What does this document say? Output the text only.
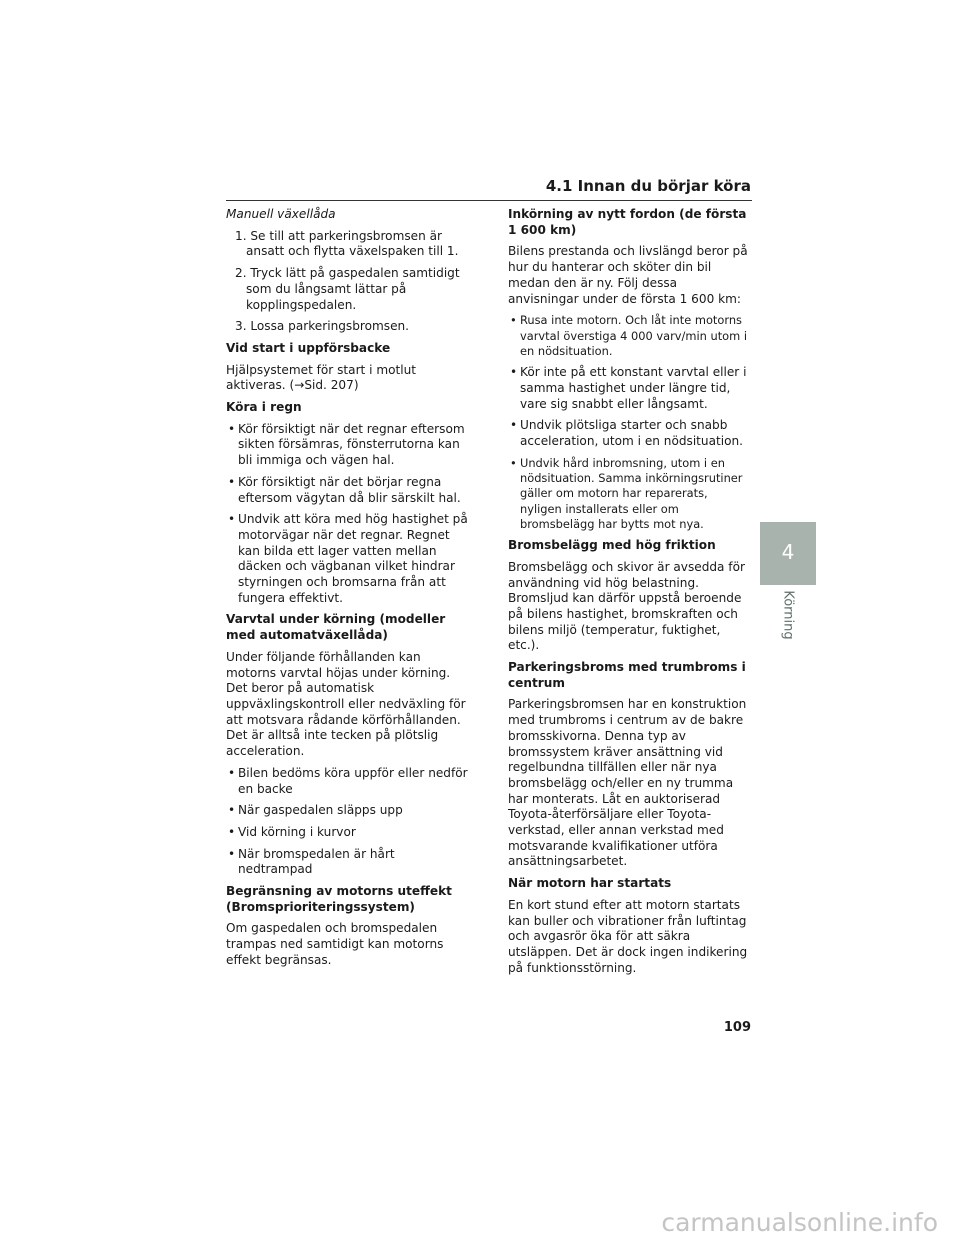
4.1 Innan du börjar köra

Manuell växellåda

1. Se till att parkeringsbromsen är ansatt och flytta växelspaken till 1.

2. Tryck lätt på gaspedalen samtidigt som du långsamt lättar på kopplingspedalen.

3. Lossa parkeringsbromsen.

Vid start i uppförsbacke

Hjälpsystemet för start i motlut aktiveras. (→Sid. 207)

Köra i regn

• Kör försiktigt när det regnar eftersom sikten försämras, fönsterrutorna kan bli immiga och vägen hal.
• Kör försiktigt när det börjar regna eftersom vägytan då blir särskilt hal.
• Undvik att köra med hög hastighet på motorvägar när det regnar. Regnet kan bilda ett lager vatten mellan däcken och vägbanan vilket hindrar styrningen och bromsarna från att fungera effektivt.

Varvtal under körning (modeller med automatväxellåda)

Under följande förhållanden kan motorns varvtal höjas under körning. Det beror på automatisk uppväxlingskontroll eller nedväxling för att motsvara rådande körförhållanden. Det är alltså inte tecken på plötslig acceleration.

• Bilen bedöms köra uppför eller nedför en backe
• När gaspedalen släpps upp
• Vid körning i kurvor
• När bromspedalen är hårt nedtrampad

Begränsning av motorns uteffekt (Bromsprioriteringssystem)

Om gaspedalen och bromspedalen trampas ned samtidigt kan motorns effekt begränsas.

Inkörning av nytt fordon (de första 1 600 km)

Bilens prestanda och livslängd beror på hur du hanterar och sköter din bil medan den är ny. Följ dessa anvisningar under de första 1 600 km:

• Rusa inte motorn. Och låt inte motorns varvtal överstiga 4 000 varv/min utom i en nödsituation.
• Kör inte på ett konstant varvtal eller i samma hastighet under längre tid, vare sig snabbt eller långsamt.
• Undvik plötsliga starter och snabb acceleration, utom i en nödsituation.
• Undvik hård inbromsning, utom i en nödsituation. Samma inkörningsrutiner gäller om motorn har reparerats, nyligen installerats eller om bromsbelägg har bytts mot nya.

Bromsbelägg med hög friktion

Bromsbelägg och skivor är avsedda för användning vid hög belastning. Bromsljud kan därför uppstå beroende på bilens hastighet, bromskraften och bilens miljö (temperatur, fuktighet, etc.).

Parkeringsbroms med trumbroms i centrum

Parkeringsbromsen har en konstruktion med trumbroms i centrum av de bakre bromsskivorna. Denna typ av bromssystem kräver ansättning vid regelbundna tillfällen eller när nya bromsbelägg och/eller en ny trumma har monterats. Låt en auktoriserad Toyota-återförsäljare eller Toyota-verkstad, eller annan verkstad med motsvarande kvalifikationer utföra ansättningsarbetet.

När motorn har startats

En kort stund efter att motorn startats kan buller och vibrationer från luftintag och avgasrör öka för att säkra utsläppen. Det är dock ingen indikering på funktionsstörning.

4
Körning
109
carmanualsonline.info
